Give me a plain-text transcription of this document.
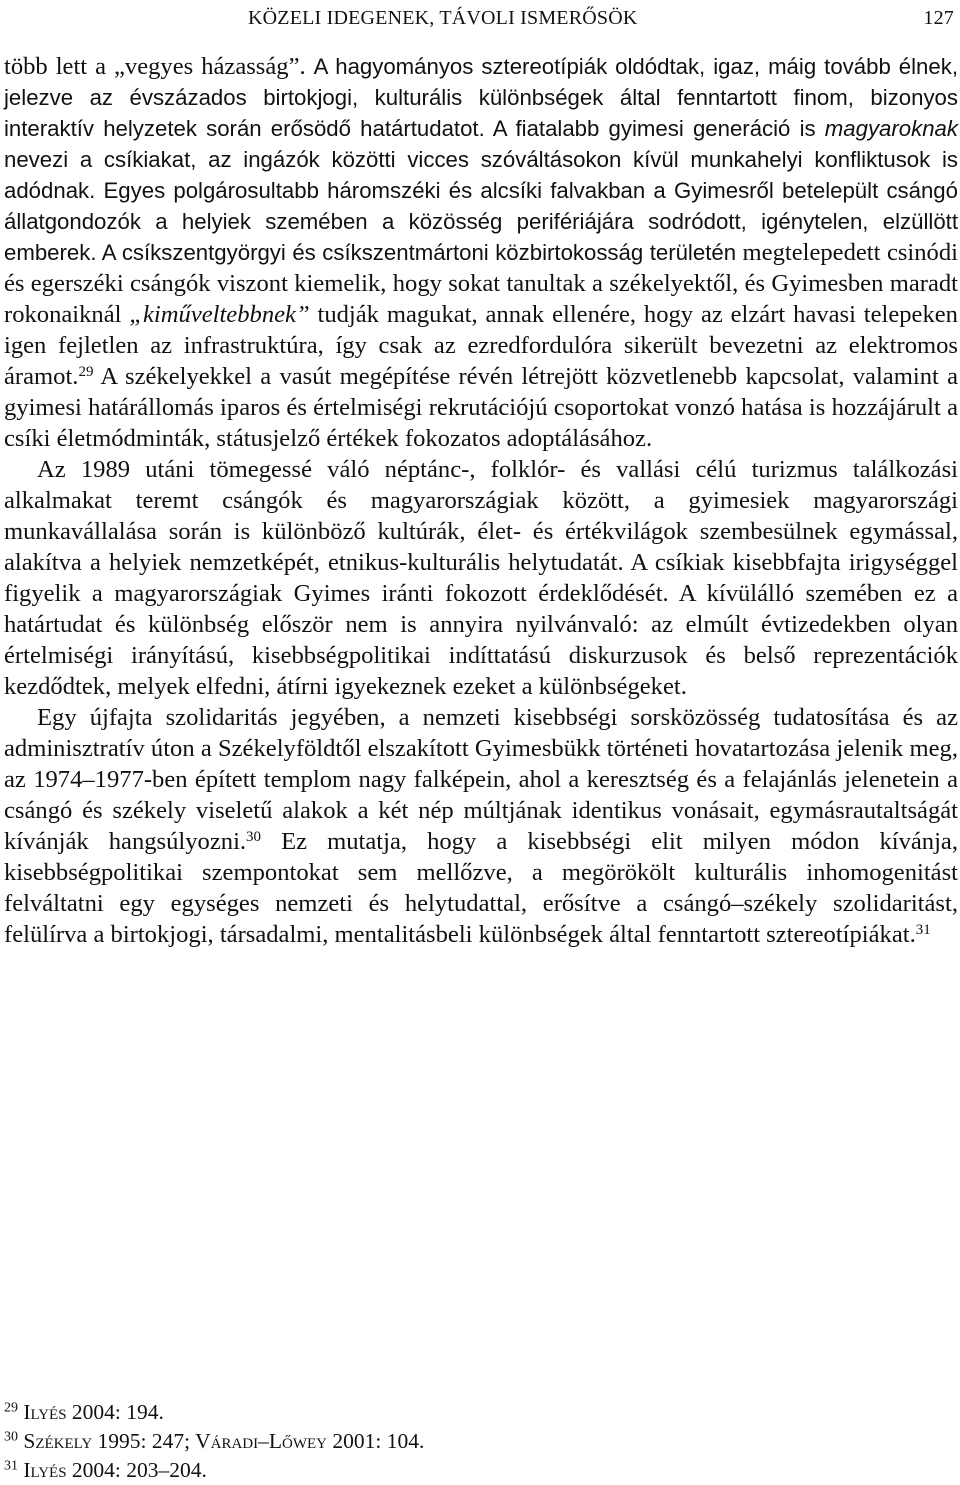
KÖZELI IDEGENEK, TÁVOLI ISMERŐSÖK	127

több lett a „vegyes házasság”. A hagyományos sztereotípiák oldódtak, igaz, máig tovább élnek, jelezve az évszázados birtokjogi, kulturális különbségek által fenntartott finom, bizonyos interaktív helyzetek során erősödő határtudatot. A fiatalabb gyimesi generáció is magyaroknak nevezi a csíkiakat, az ingázók közötti vicces szóváltásokon kívül munkahelyi konfliktusok is adódnak. Egyes polgárosultabb háromszéki és alcsíki falvakban a Gyimesről betelepült csángó állatgondozók a helyiek szemében a közösség perifériájára sodródott, igénytelen, elzüllött emberek. A csíkszentgyörgyi és csíkszentmártoni közbirtokosság területén megtelepedett csinódi és egerszéki csángók viszont kiemelik, hogy sokat tanultak a székelyektől, és Gyimesben maradt rokonaiknál „kiműveltebbnek” tudják magukat, annak ellenére, hogy az elzárt havasi telepeken igen fejletlen az infrastruktúra, így csak az ezredfordulóra sikerült bevezetni az elektromos áramot.$^{29}$ A székelyekkel a vasút megépítése révén létrejött közvetlenebb kapcsolat, valamint a gyimesi határállomás iparos és értelmiségi rekrutációjú csoportokat vonzó hatása is hozzájárult a csíki életmódminták, státusjelző értékek fokozatos adoptálásához.

Az 1989 utáni tömegessé váló néptánc-, folklór- és vallási célú turizmus találkozási alkalmakat teremt csángók és magyarországiak között, a gyimesiek magyarországi munkavállalása során is különböző kultúrák, élet- és értékvilágok szembesülnek egymással, alakítva a helyiek nemzetképét, etnikus-kulturális helytudatát. A csíkiak kisebbfajta irigységgel figyelik a magyarországiak Gyimes iránti fokozott érdeklődését. A kívülálló szemében ez a határtudat és különbség először nem is annyira nyilvánvaló: az elmúlt évtizedekben olyan értelmiségi irányítású, kisebbségpolitikai indíttatású diskurzusok és belső reprezentációk kezdődtek, melyek elfedni, átírni igyekeznek ezeket a különbségeket.

Egy újfajta szolidaritás jegyében, a nemzeti kisebbségi sorsközösség tudatosítása és az adminisztratív úton a Székelyföldtől elszakított Gyimesbükk történeti hovatartozása jelenik meg, az 1974–1977-ben épített templom nagy falképein, ahol a keresztség és a felajánlás jelenetein a csángó és székely viseletű alakok a két nép múltjának identikus vonásait, egymásrautaltságát kívánják hangsúlyozni.$^{30}$ Ez mutatja, hogy a kisebbségi elit milyen módon kívánja, kisebbségpolitikai szempontokat sem mellőzve, a megörökölt kulturális inhomogenitást felváltatni egy egységes nemzeti és helytudattal, erősítve a csángó–székely szolidaritást, felülírva a birtokjogi, társadalmi, mentalitásbeli különbségek által fenntartott sztereotípiákat.$^{31}$

$^{29}$ Ilyés 2004: 194.
$^{30}$ Székely 1995: 247; Váradi–Lőwey 2001: 104.
$^{31}$ Ilyés 2004: 203–204.
